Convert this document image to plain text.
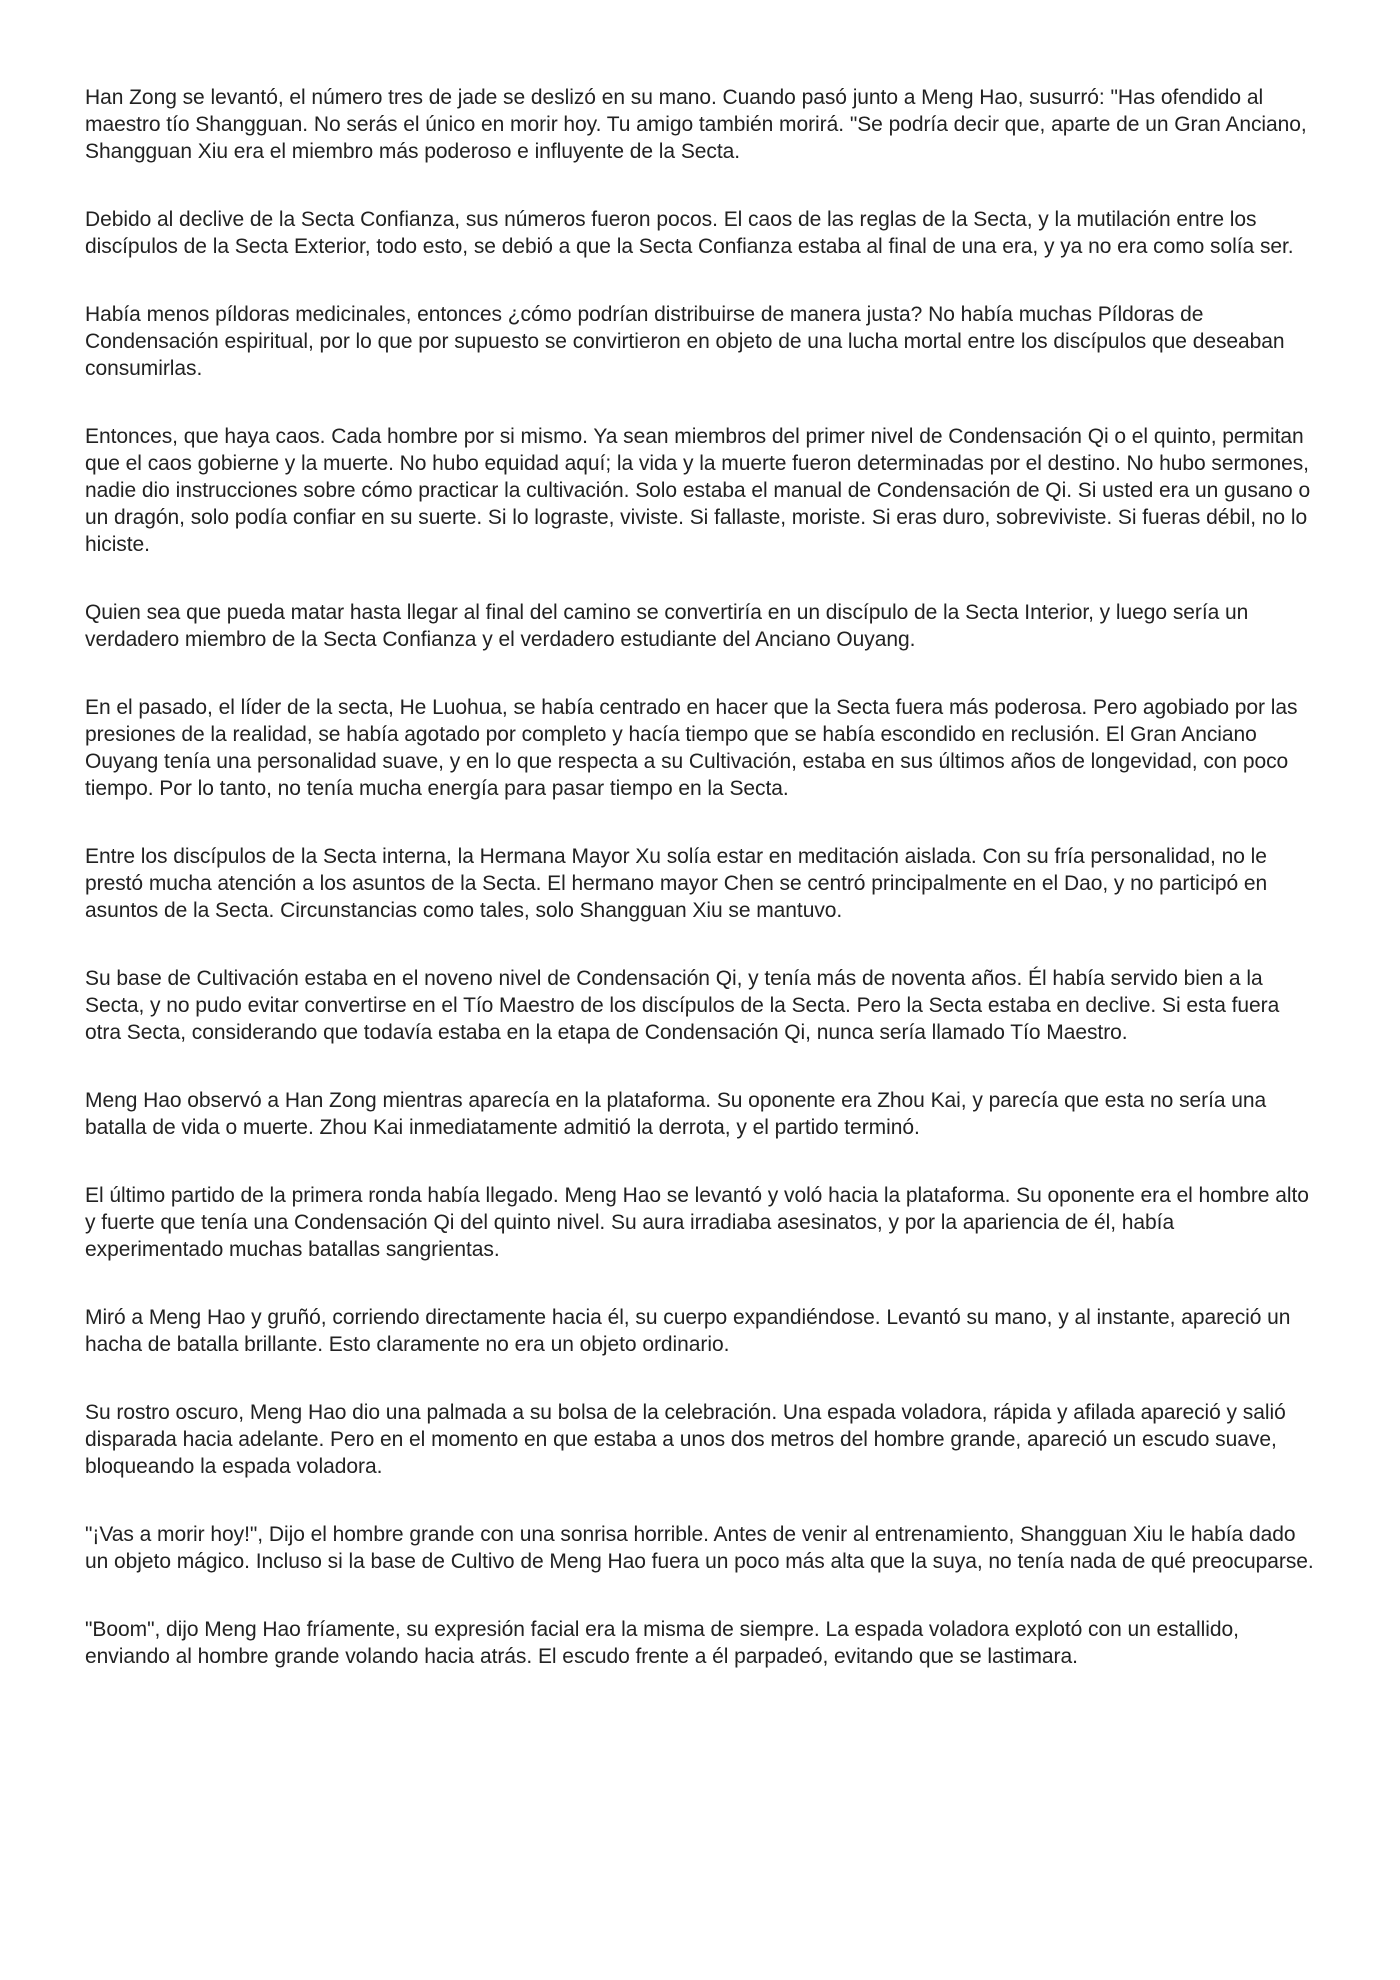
Han Zong se levantó, el número tres de jade se deslizó en su mano. Cuando pasó junto a Meng Hao, susurró: "Has ofendido al maestro tío Shangguan. No serás el único en morir hoy. Tu amigo también morirá. "Se podría decir que, aparte de un Gran Anciano, Shangguan Xiu era el miembro más poderoso e influyente de la Secta.

Debido al declive de la Secta Confianza, sus números fueron pocos. El caos de las reglas de la Secta, y la mutilación entre los discípulos de la Secta Exterior, todo esto, se debió a que la Secta Confianza estaba al final de una era, y ya no era como solía ser.

Había menos píldoras medicinales, entonces ¿cómo podrían distribuirse de manera justa? No había muchas Píldoras de Condensación espiritual, por lo que por supuesto se convirtieron en objeto de una lucha mortal entre los discípulos que deseaban consumirlas.

Entonces, que haya caos. Cada hombre por si mismo. Ya sean miembros del primer nivel de Condensación Qi o el quinto, permitan que el caos gobierne y la muerte. No hubo equidad aquí; la vida y la muerte fueron determinadas por el destino. No hubo sermones, nadie dio instrucciones sobre cómo practicar la cultivación. Solo estaba el manual de Condensación de Qi. Si usted era un gusano o un dragón, solo podía confiar en su suerte. Si lo lograste, viviste. Si fallaste, moriste. Si eras duro, sobreviviste. Si fueras débil, no lo hiciste.

Quien sea que pueda matar hasta llegar al final del camino se convertiría en un discípulo de la Secta Interior, y luego sería un verdadero miembro de la Secta Confianza y el verdadero estudiante del Anciano Ouyang.

En el pasado, el líder de la secta, He Luohua, se había centrado en hacer que la Secta fuera más poderosa. Pero agobiado por las presiones de la realidad, se había agotado por completo y hacía tiempo que se había escondido en reclusión. El Gran Anciano Ouyang tenía una personalidad suave, y en lo que respecta a su Cultivación, estaba en sus últimos años de longevidad, con poco tiempo. Por lo tanto, no tenía mucha energía para pasar tiempo en la Secta.

Entre los discípulos de la Secta interna, la Hermana Mayor Xu solía estar en meditación aislada. Con su fría personalidad, no le prestó mucha atención a los asuntos de la Secta. El hermano mayor Chen se centró principalmente en el Dao, y no participó en asuntos de la Secta. Circunstancias como tales, solo Shangguan Xiu se mantuvo.

Su base de Cultivación estaba en el noveno nivel de Condensación Qi, y tenía más de noventa años. Él había servido bien a la Secta, y no pudo evitar convertirse en el Tío Maestro de los discípulos de la Secta. Pero la Secta estaba en declive. Si esta fuera otra Secta, considerando que todavía estaba en la etapa de Condensación Qi, nunca sería llamado Tío Maestro.

Meng Hao observó a Han Zong mientras aparecía en la plataforma. Su oponente era Zhou Kai, y parecía que esta no sería una batalla de vida o muerte. Zhou Kai inmediatamente admitió la derrota, y el partido terminó.

El último partido de la primera ronda había llegado. Meng Hao se levantó y voló hacia la plataforma. Su oponente era el hombre alto y fuerte que tenía una Condensación Qi del quinto nivel. Su aura irradiaba asesinatos, y por la apariencia de él, había experimentado muchas batallas sangrientas.

Miró a Meng Hao y gruñó, corriendo directamente hacia él, su cuerpo expandiéndose. Levantó su mano, y al instante, apareció un hacha de batalla brillante. Esto claramente no era un objeto ordinario.

Su rostro oscuro, Meng Hao dio una palmada a su bolsa de la celebración. Una espada voladora, rápida y afilada apareció y salió disparada hacia adelante. Pero en el momento en que estaba a unos dos metros del hombre grande, apareció un escudo suave, bloqueando la espada voladora.

"¡Vas a morir hoy!", Dijo el hombre grande con una sonrisa horrible. Antes de venir al entrenamiento, Shangguan Xiu le había dado un objeto mágico. Incluso si la base de Cultivo de Meng Hao fuera un poco más alta que la suya, no tenía nada de qué preocuparse.

"Boom", dijo Meng Hao fríamente, su expresión facial era la misma de siempre. La espada voladora explotó con un estallido, enviando al hombre grande volando hacia atrás. El escudo frente a él parpadeó, evitando que se lastimara.
